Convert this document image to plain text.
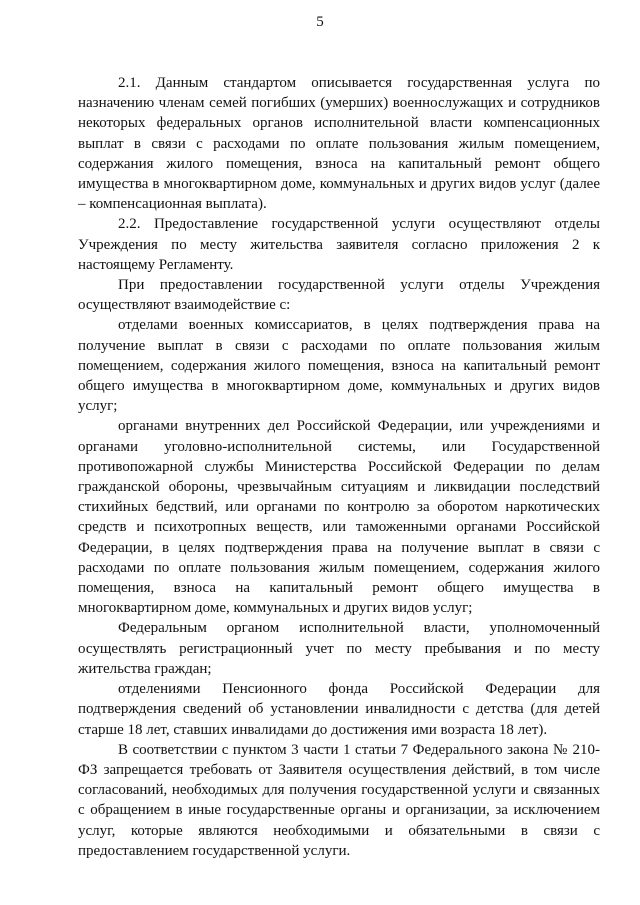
5

2.1. Данным стандартом описывается государственная услуга по назначению членам семей погибших (умерших) военнослужащих и сотрудников некоторых федеральных органов исполнительной власти компенсационных выплат в связи с расходами по оплате пользования жилым помещением, содержания жилого помещения, взноса на капитальный ремонт общего имущества в многоквартирном доме, коммунальных и других видов услуг (далее – компенсационная выплата).

2.2. Предоставление государственной услуги осуществляют отделы Учреждения по месту жительства заявителя согласно приложения 2 к настоящему Регламенту.

При предоставлении государственной услуги отделы Учреждения осуществляют взаимодействие с:

отделами военных комиссариатов, в целях подтверждения права на получение выплат в связи с расходами по оплате пользования жилым помещением, содержания жилого помещения, взноса на капитальный ремонт общего имущества в многоквартирном доме, коммунальных и других видов услуг;

органами внутренних дел Российской Федерации, или учреждениями и органами уголовно-исполнительной системы, или Государственной противопожарной службы Министерства Российской Федерации по делам гражданской обороны, чрезвычайным ситуациям и ликвидации последствий стихийных бедствий, или органами по контролю за оборотом наркотических средств и психотропных веществ, или таможенными органами Российской Федерации, в целях подтверждения права на получение выплат в связи с расходами по оплате пользования жилым помещением, содержания жилого помещения, взноса на капитальный ремонт общего имущества в многоквартирном доме, коммунальных и других видов услуг;

Федеральным органом исполнительной власти, уполномоченный осуществлять регистрационный учет по месту пребывания и по месту жительства граждан;

отделениями Пенсионного фонда Российской Федерации для подтверждения сведений об установлении инвалидности с детства (для детей старше 18 лет, ставших инвалидами до достижения ими возраста 18 лет).

В соответствии с пунктом 3 части 1 статьи 7 Федерального закона № 210-ФЗ запрещается требовать от Заявителя осуществления действий, в том числе согласований, необходимых для получения государственной услуги и связанных с обращением в иные государственные органы и организации, за исключением услуг, которые являются необходимыми и обязательными в связи с предоставлением государственной услуги.
